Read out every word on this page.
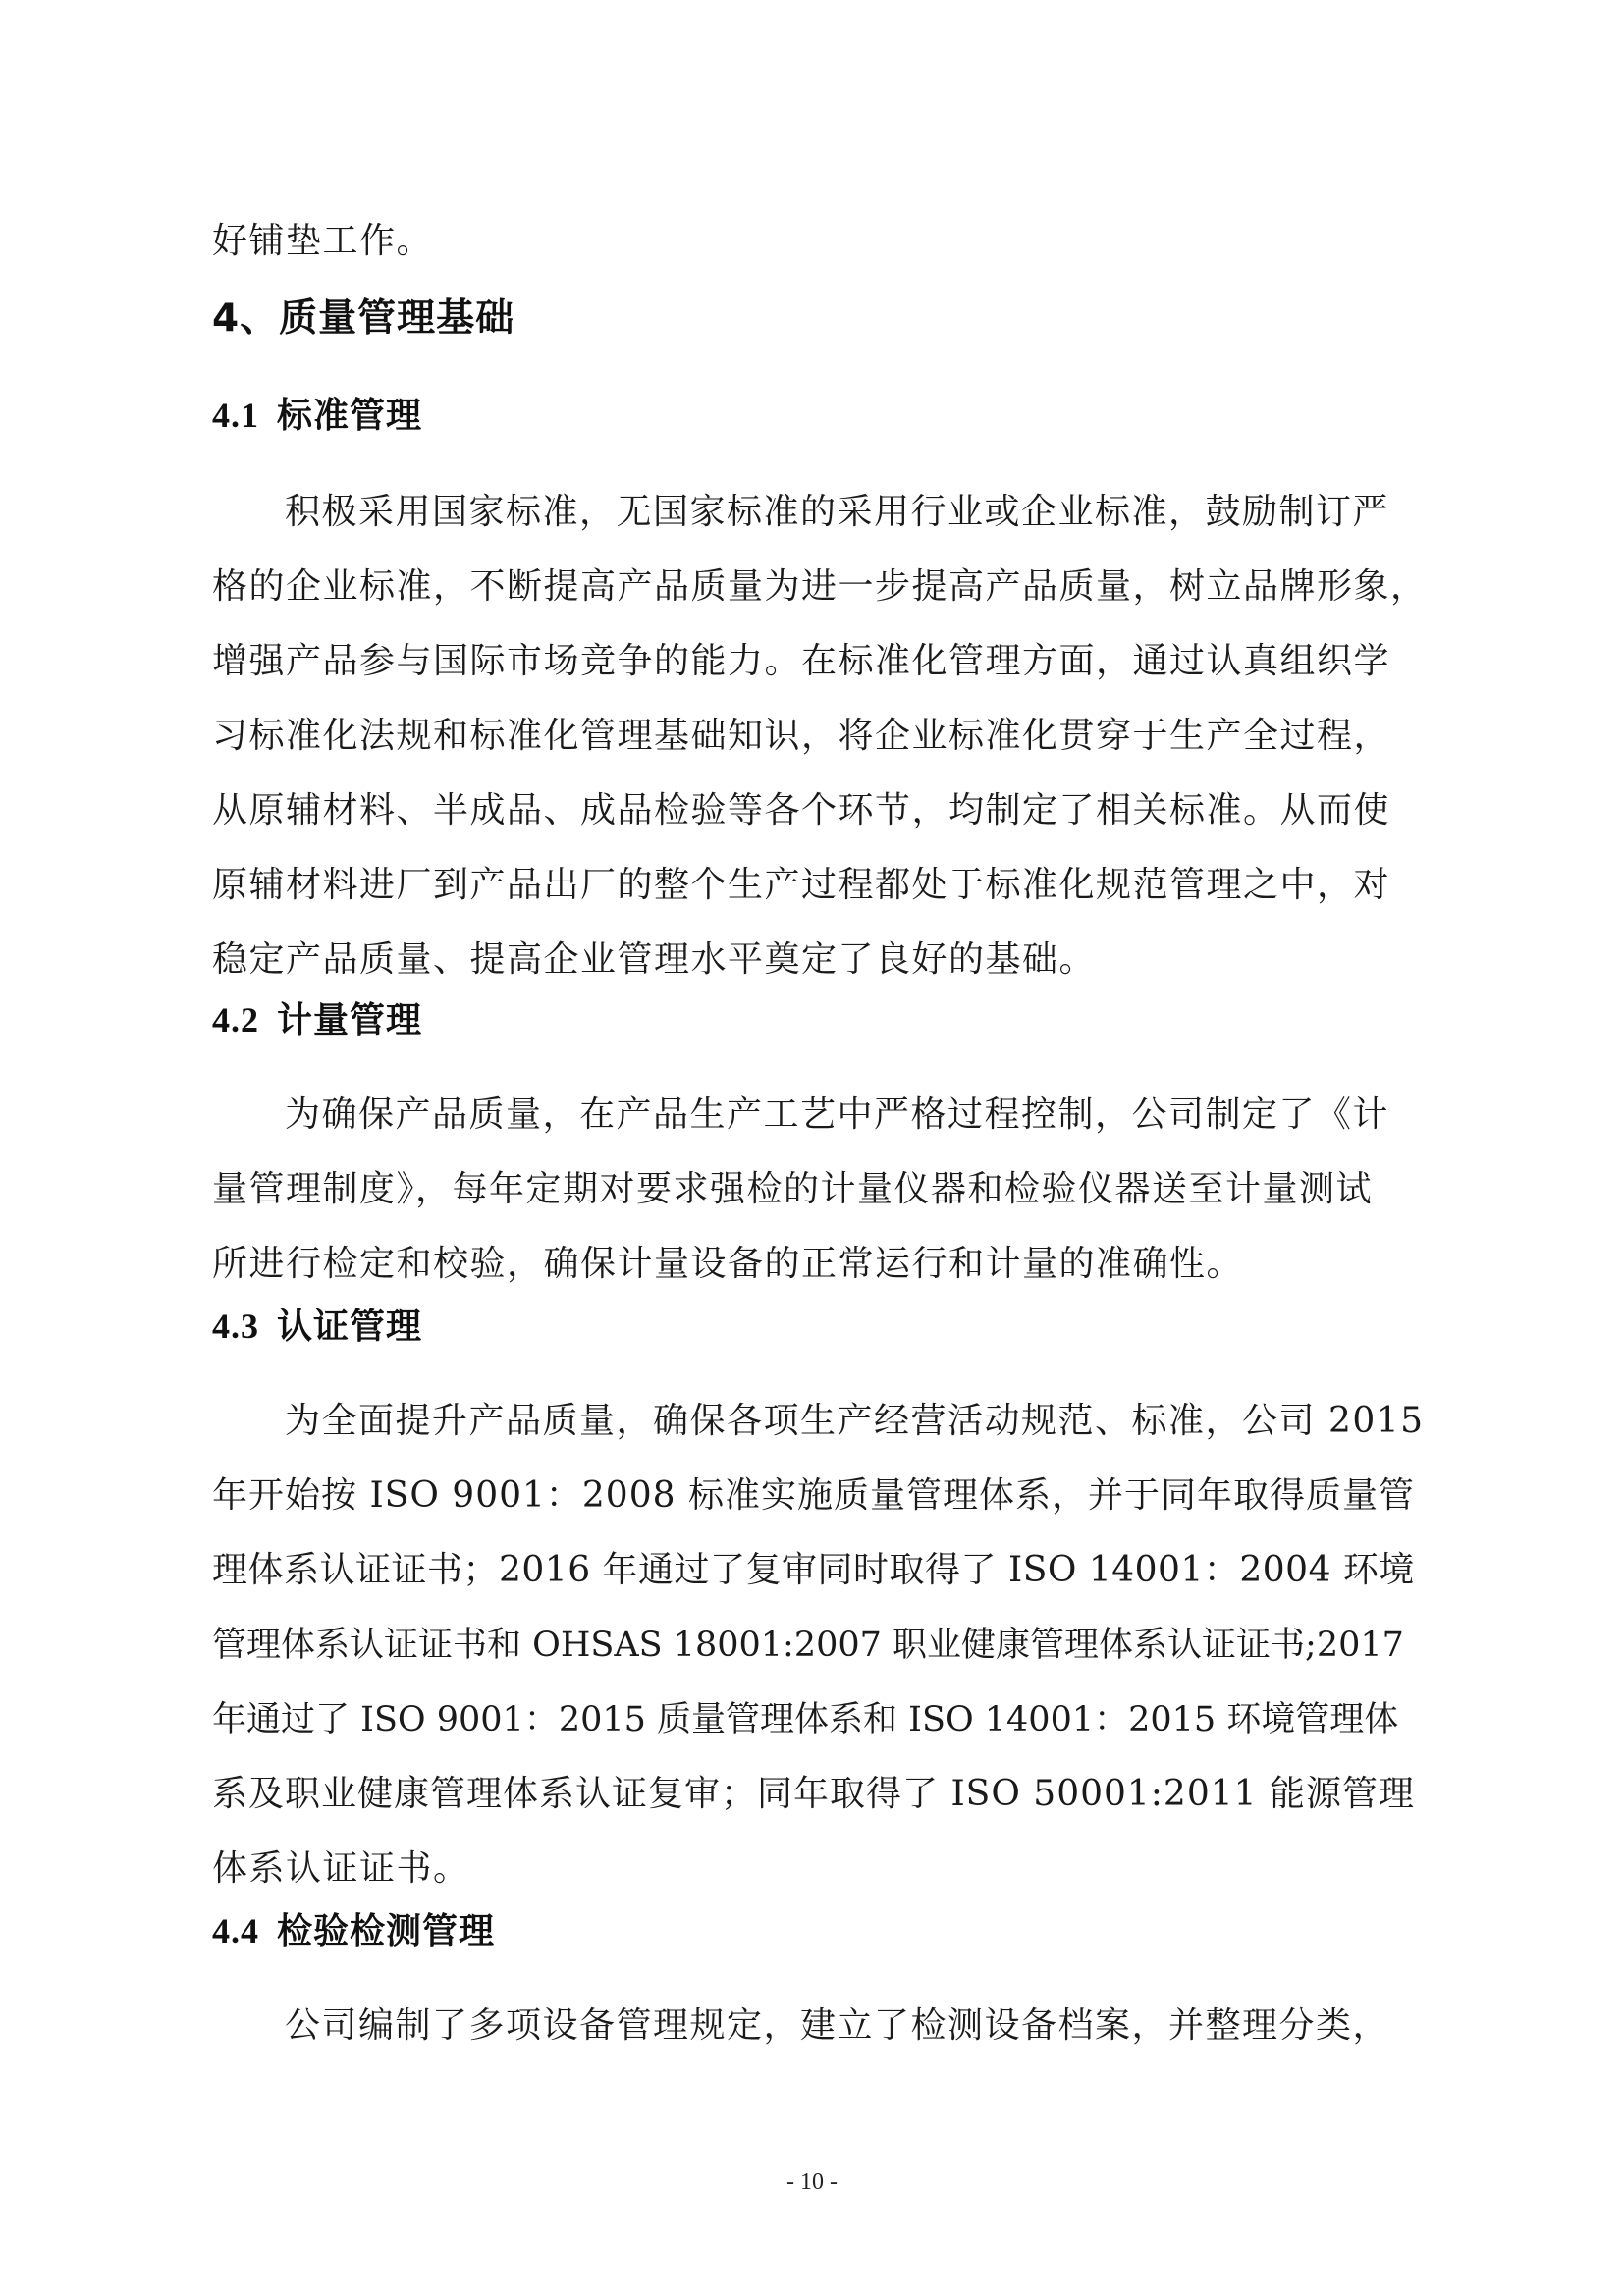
好铺垫工作。

4、质量管理基础
4.1 标准管理

积极采用国家标准，无国家标准的采用行业或企业标准，鼓励制订严

格的企业标准，不断提高产品质量为进一步提高产品质量，树立品牌形象，

增强产品参与国际市场竞争的能力。在标准化管理方面，通过认真组织学

习标准化法规和标准化管理基础知识，将企业标准化贯穿于生产全过程，

从原辅材料、半成品、成品检验等各个环节，均制定了相关标准。从而使

原辅材料进厂到产品出厂的整个生产过程都处于标准化规范管理之中，对

稳定产品质量、提高企业管理水平奠定了良好的基础。

4.2 计量管理

为确保产品质量，在产品生产工艺中严格过程控制，公司制定了《计

量管理制度》，每年定期对要求强检的计量仪器和检验仪器送至计量测试

所进行检定和校验，确保计量设备的正常运行和计量的准确性。

4.3 认证管理

为全面提升产品质量，确保各项生产经营活动规范、标准，公司 2015

年开始按 ISO 9001：2008 标准实施质量管理体系，并于同年取得质量管

理体系认证证书；2016 年通过了复审同时取得了 ISO 14001：2004 环境

管理体系认证证书和 OHSAS 18001:2007 职业健康管理体系认证证书;2017

年通过了 ISO 9001：2015 质量管理体系和 ISO 14001：2015 环境管理体

系及职业健康管理体系认证复审；同年取得了 ISO 50001:2011 能源管理

体系认证证书。

4.4 检验检测管理

公司编制了多项设备管理规定，建立了检测设备档案，并整理分类，

- 10 -
